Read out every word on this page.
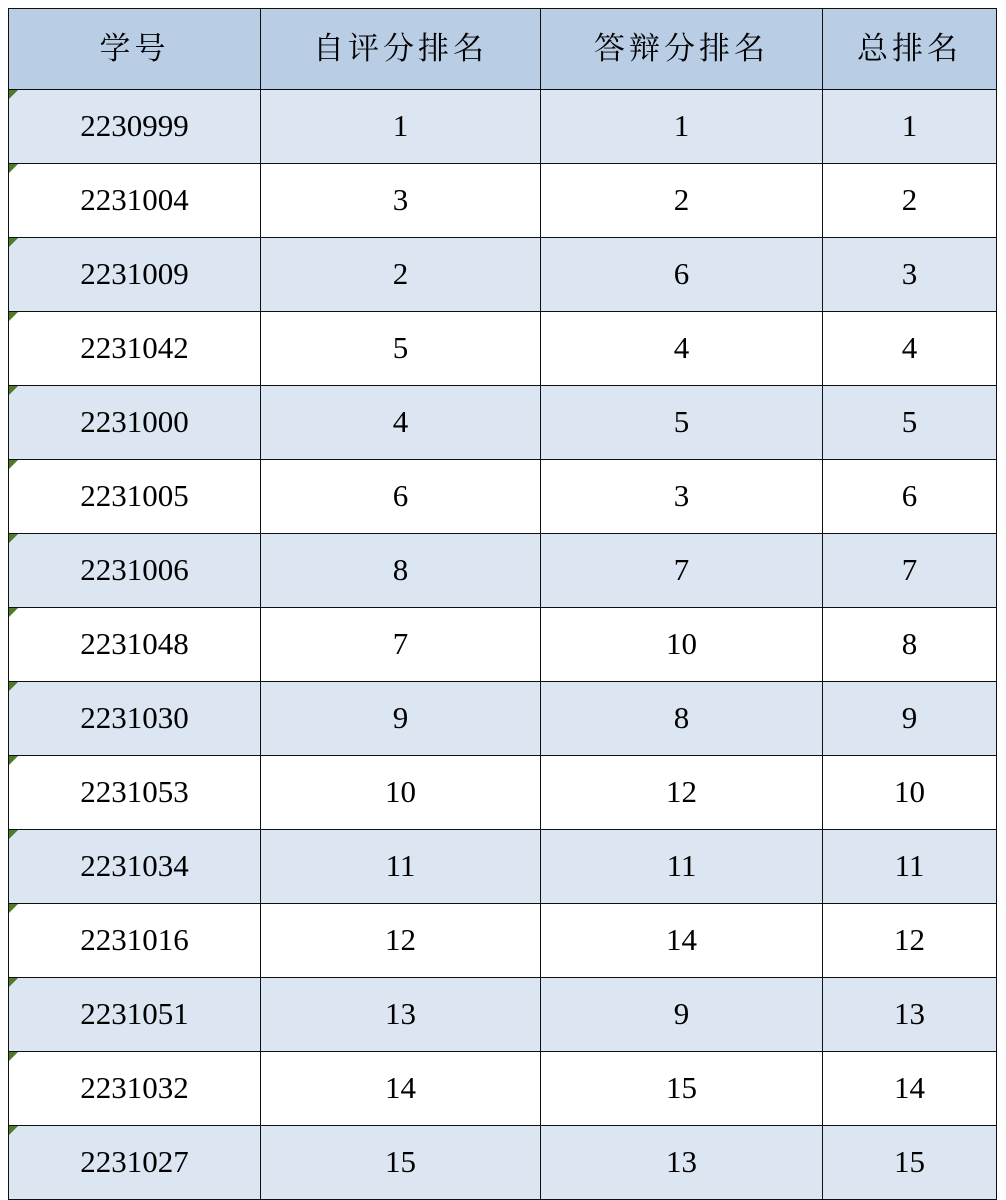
学号	自评分排名	答辩分排名	总排名
2230999	1	1	1
2231004	3	2	2
2231009	2	6	3
2231042	5	4	4
2231000	4	5	5
2231005	6	3	6
2231006	8	7	7
2231048	7	10	8
2231030	9	8	9
2231053	10	12	10
2231034	11	11	11
2231016	12	14	12
2231051	13	9	13
2231032	14	15	14
2231027	15	13	15
